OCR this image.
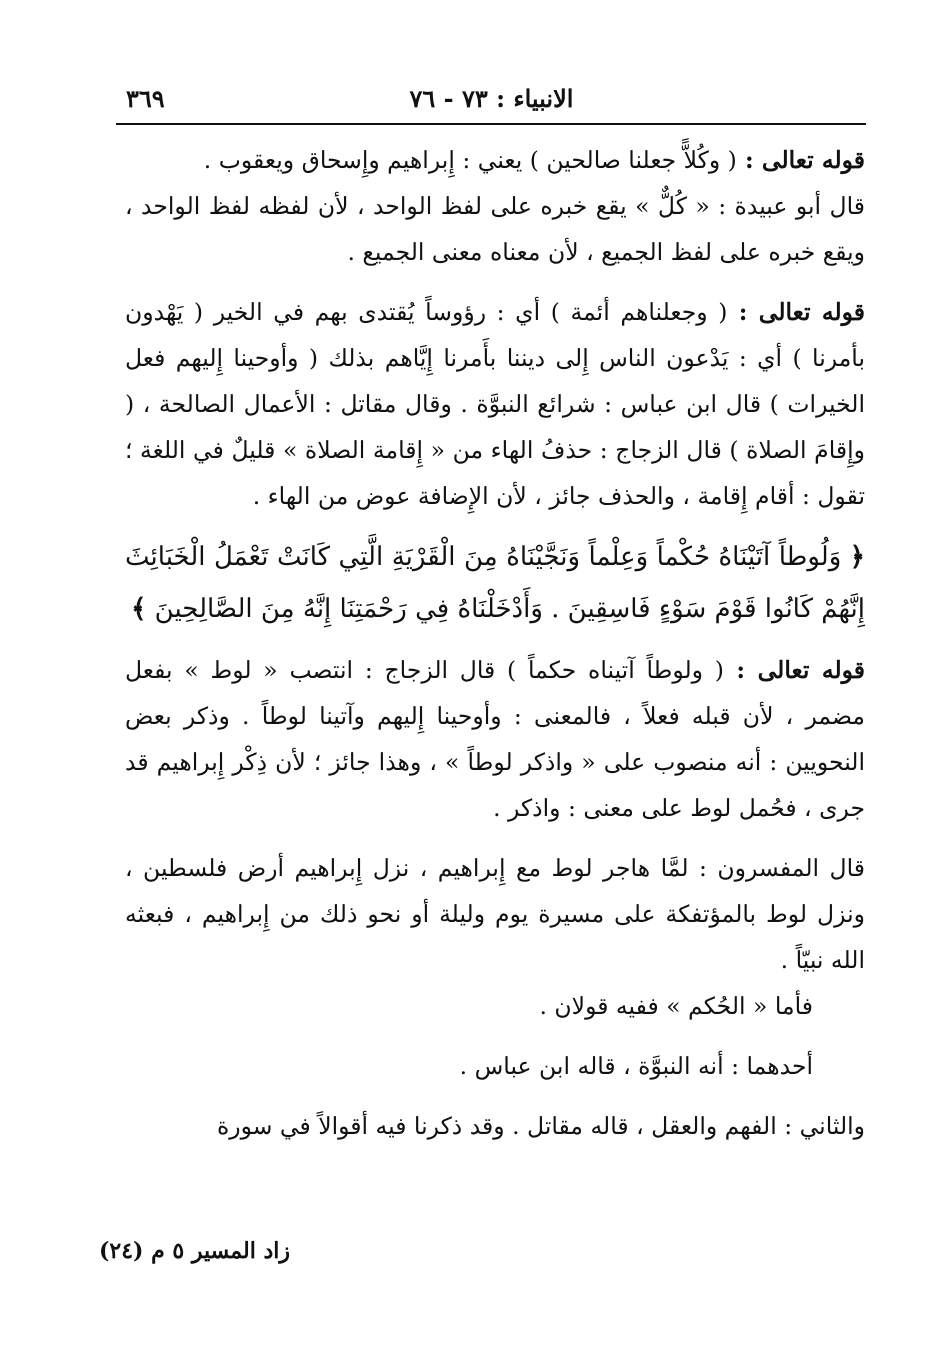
الانبياء : ٧٣ - ٧٦
٣٦٩

قوله تعالى : ( وكُلاًّ جعلنا صالحين ) يعني : إِبراهيم وإِسحاق ويعقوب .

قال أبو عبيدة : « كُلٌّ » يقع خبره على لفظ الواحد ، لأن لفظه لفظ الواحد ، ويقع خبره على لفظ الجميع ، لأن معناه معنى الجميع .

قوله تعالى : ( وجعلناهم أئمة ) أي : رؤوساً يُقتدى بهم في الخير ( يَهْدون بأمرنا ) أي : يَدْعون الناس إِلى ديننا بأَمرنا إِيَّاهم بذلك ( وأوحينا إِليهم فعل الخيرات ) قال ابن عباس : شرائع النبوَّة . وقال مقاتل : الأعمال الصالحة ، ( وإِقامَ الصلاة ) قال الزجاج : حذفُ الهاء من « إِقامة الصلاة » قليلٌ في اللغة ؛ تقول : أقام إِقامة ، والحذف جائز ، لأن الإِضافة عوض من الهاء .

﴿ وَلُوطاً آتَيْنَاهُ حُكْماً وَعِلْماً وَنَجَّيْنَاهُ مِنَ الْقَرْيَةِ الَّتِي كَانَتْ تَعْمَلُ الْخَبَائِثَ إِنَّهُمْ كَانُوا قَوْمَ سَوْءٍ فَاسِقِينَ . وَأَدْخَلْنَاهُ فِي رَحْمَتِنَا إِنَّهُ مِنَ الصَّالِحِينَ ﴾

قوله تعالى : ( ولوطاً آتيناه حكماً ) قال الزجاج : انتصب « لوط » بفعل مضمر ، لأن قبله فعلاً ، فالمعنى : وأوحينا إِليهم وآتينا لوطاً . وذكر بعض النحويين : أنه منصوب على « واذكر لوطاً » ، وهذا جائز ؛ لأن ذِكْر إِبراهيم قد جرى ، فحُمل لوط على معنى : واذكر .

قال المفسرون : لمَّا هاجر لوط مع إِبراهيم ، نزل إِبراهيم أرض فلسطين ، ونزل لوط بالمؤتفكة على مسيرة يوم وليلة أو نحو ذلك من إِبراهيم ، فبعثه الله نبيّاً .

فأما « الحُكم » ففيه قولان .

أحدهما : أنه النبوَّة ، قاله ابن عباس .

والثاني : الفهم والعقل ، قاله مقاتل . وقد ذكرنا فيه أقوالاً في سورة

زاد المسير ٥ م (٢٤)
